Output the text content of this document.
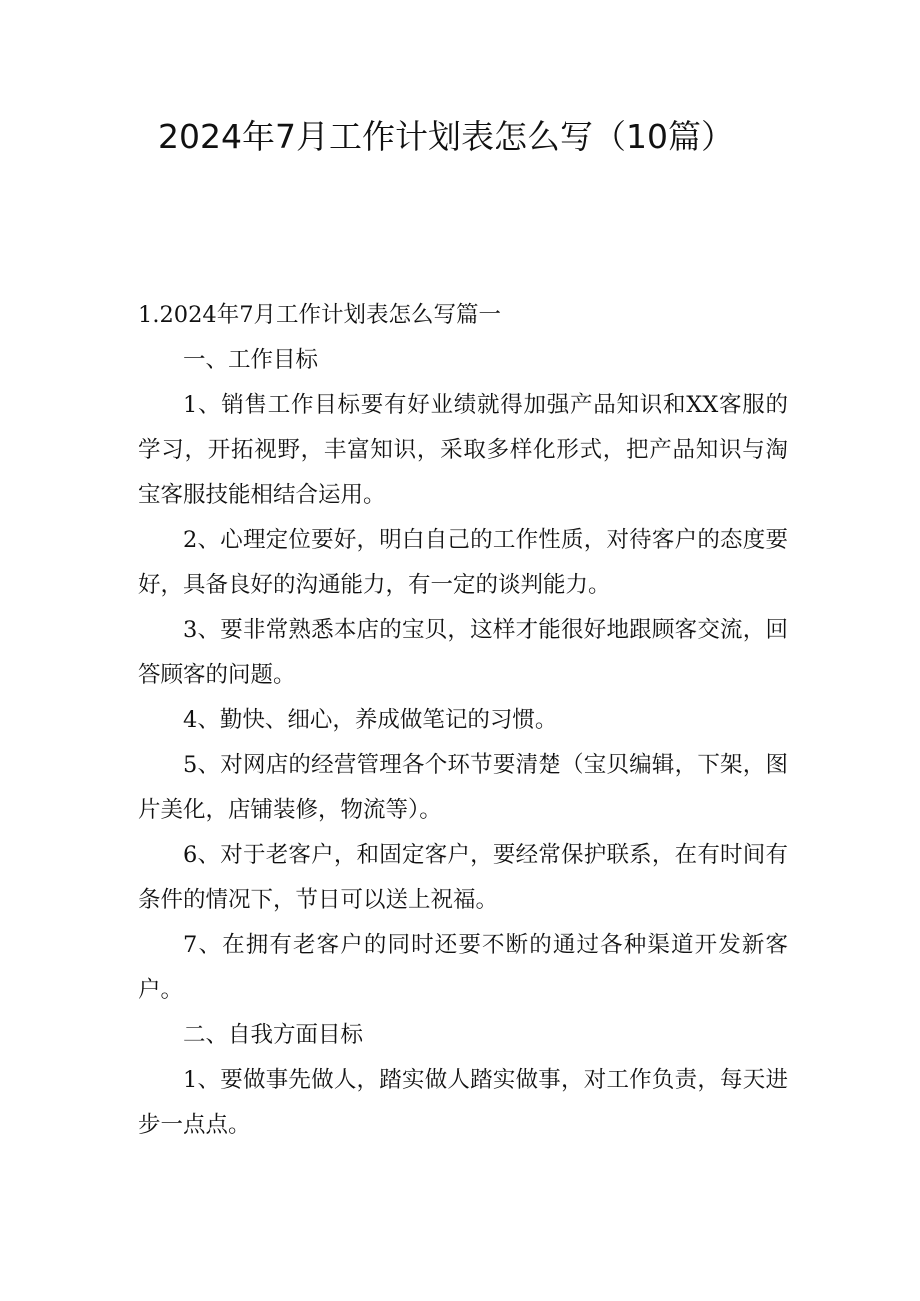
2024年7月工作计划表怎么写（10篇）

1.2024年7月工作计划表怎么写篇一

一、工作目标

1、销售工作目标要有好业绩就得加强产品知识和XX客服的学习，开拓视野，丰富知识，采取多样化形式，把产品知识与淘宝客服技能相结合运用。

2、心理定位要好，明白自己的工作性质，对待客户的态度要好，具备良好的沟通能力，有一定的谈判能力。

3、要非常熟悉本店的宝贝，这样才能很好地跟顾客交流，回答顾客的问题。

4、勤快、细心，养成做笔记的习惯。

5、对网店的经营管理各个环节要清楚（宝贝编辑，下架，图片美化，店铺装修，物流等）。

6、对于老客户，和固定客户，要经常保护联系，在有时间有条件的情况下，节日可以送上祝福。

7、在拥有老客户的同时还要不断的通过各种渠道开发新客户。

二、自我方面目标

1、要做事先做人，踏实做人踏实做事，对工作负责，每天进步一点点。
